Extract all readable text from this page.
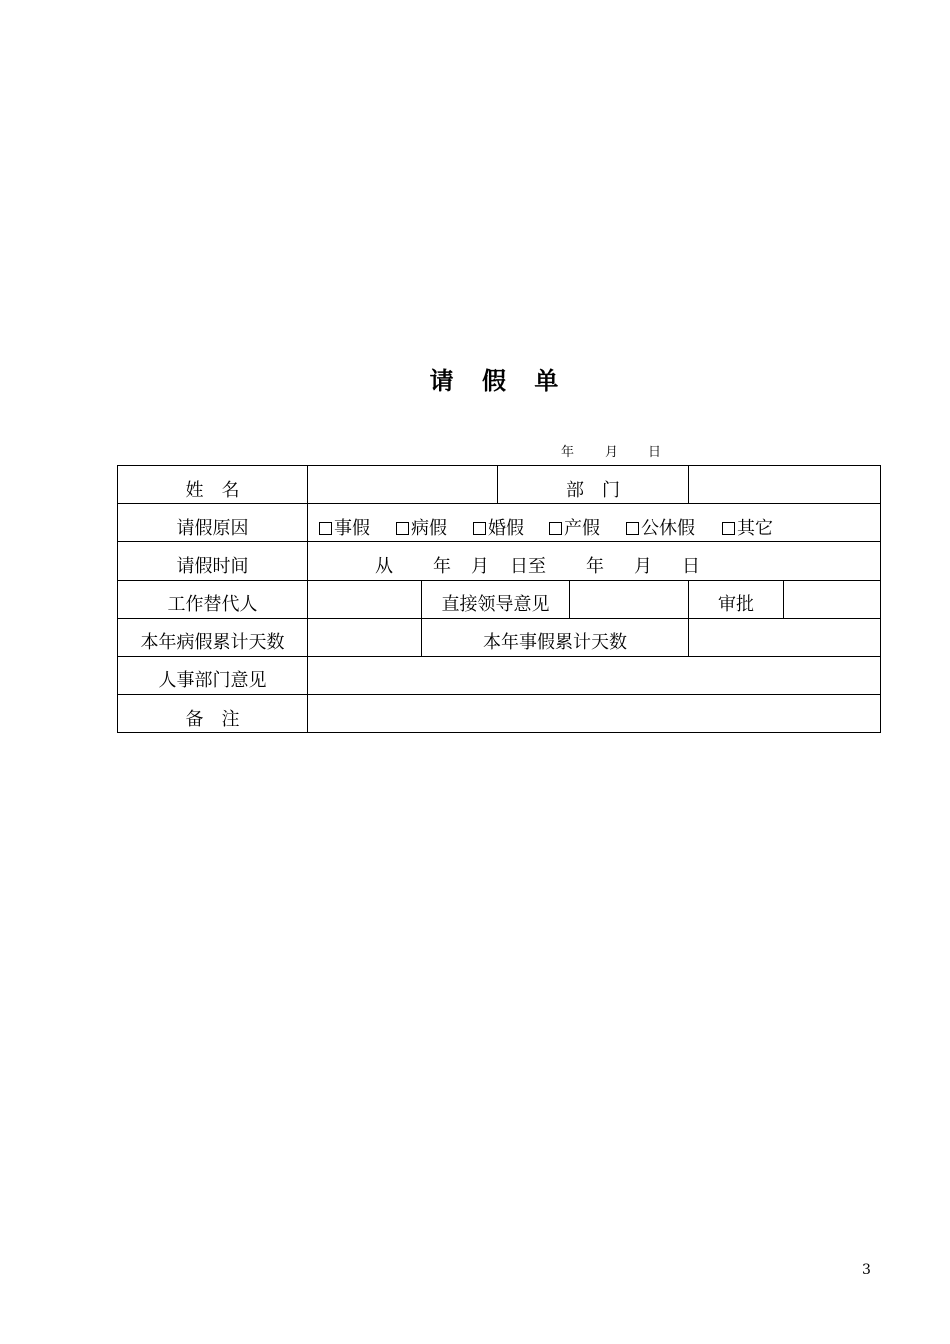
请 假 单
年 月 日
姓　名	部　门
请假原因	事假	病假	婚假	产假	公休假	其它
请假时间	从 年 月 日至 年 月 日
工作替代人	直接领导意见	审批
本年病假累计天数	本年事假累计天数
人事部门意见
备　注
3
